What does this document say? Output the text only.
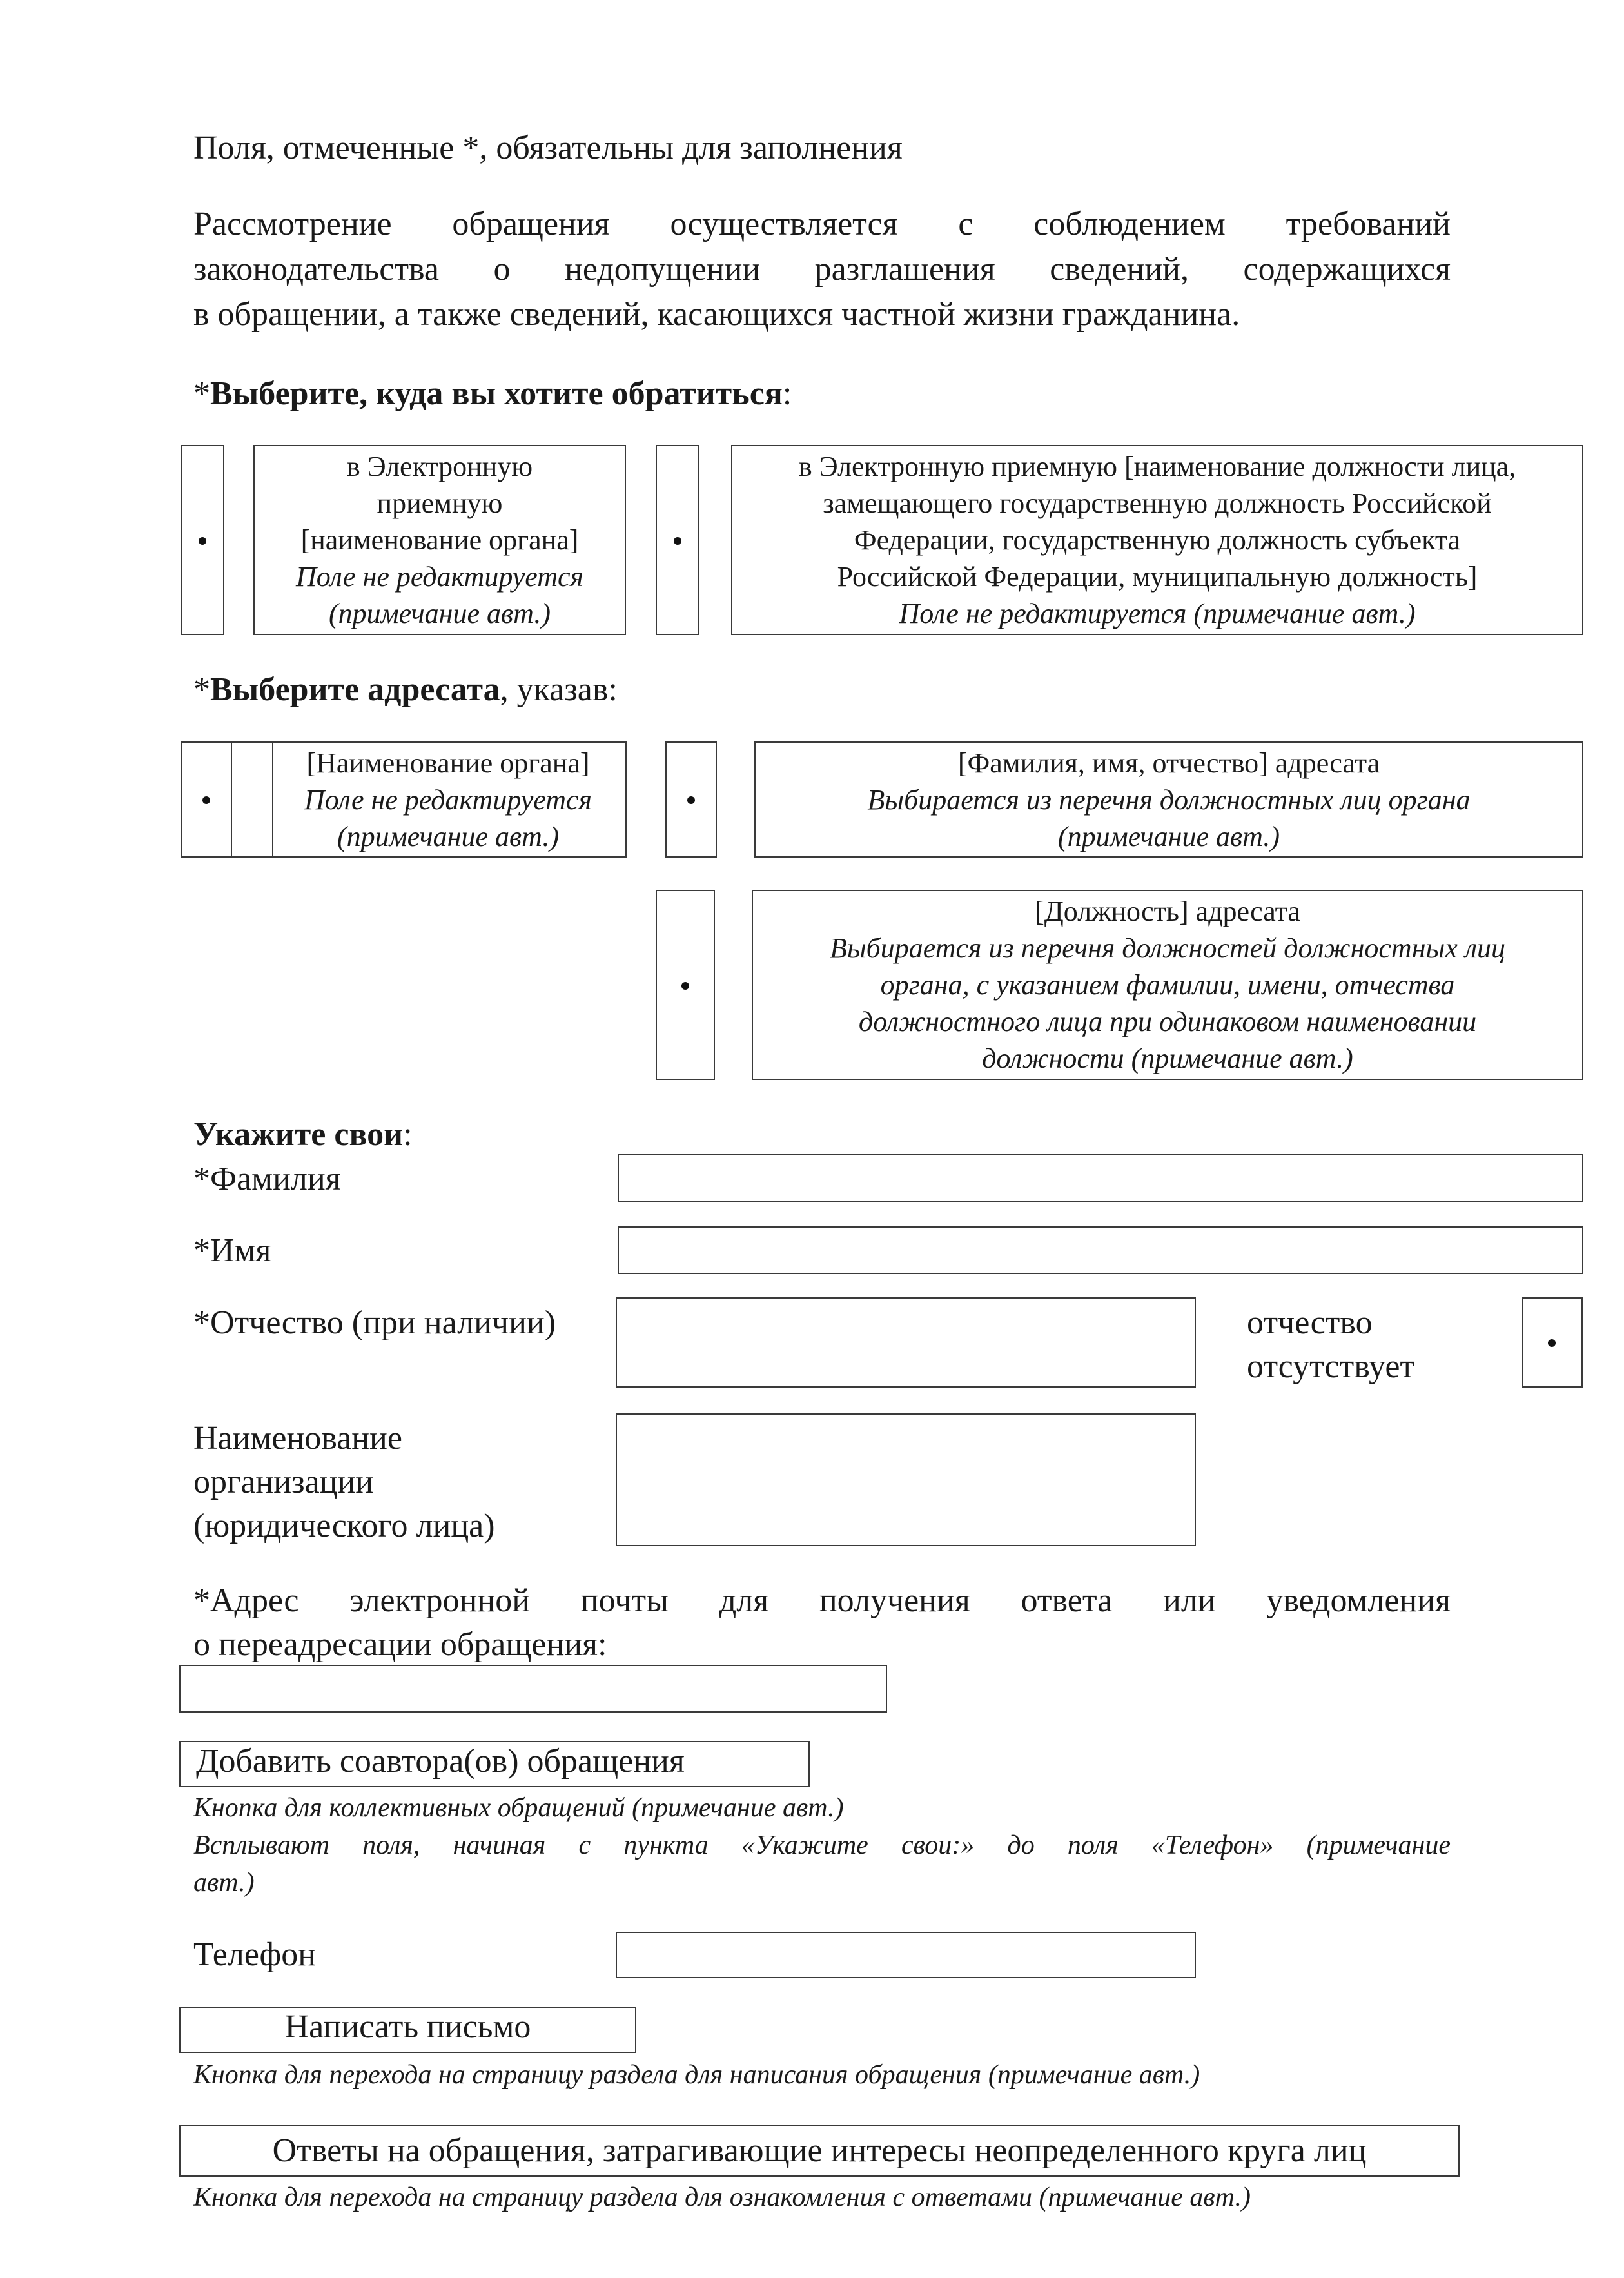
Поля, отмеченные *, обязательны для заполнения
Рассмотрение обращения осуществляется с соблюдением требований
законодательства о недопущении разглашения сведений, содержащихся
в обращении, а также сведений, касающихся частной жизни гражданина.
*Выберите, куда вы хотите обратиться:
в Электронную
приемную
[наименование органа]
Поле не редактируется
(примечание авт.)
в Электронную приемную [наименование должности лица,
замещающего государственную должность Российской
Федерации, государственную должность субъекта
Российской Федерации, муниципальную должность]
Поле не редактируется (примечание авт.)
*Выберите адресата, указав:
[Наименование органа]
Поле не редактируется
(примечание авт.)
[Фамилия, имя, отчество] адресата
Выбирается из перечня должностных лиц органа
(примечание авт.)
[Должность] адресата
Выбирается из перечня должностей должностных лиц
органа, с указанием фамилии, имени, отчества
должностного лица при одинаковом наименовании
должности (примечание авт.)
Укажите свои:
*Фамилия
*Имя
*Отчество (при наличии)	отчество
отсутствует
Наименование
организации
(юридического лица)
*Адрес электронной почты для получения ответа или уведомления
о переадресации обращения:
Добавить соавтора(ов) обращения
Кнопка для коллективных обращений (примечание авт.)
Всплывают поля, начиная с пункта «Укажите свои:» до поля «Телефон» (примечание
авт.)
Телефон
Написать письмо
Кнопка для перехода на страницу раздела для написания обращения (примечание авт.)
Ответы на обращения, затрагивающие интересы неопределенного круга лиц
Кнопка для перехода на страницу раздела для ознакомления с ответами (примечание авт.)
